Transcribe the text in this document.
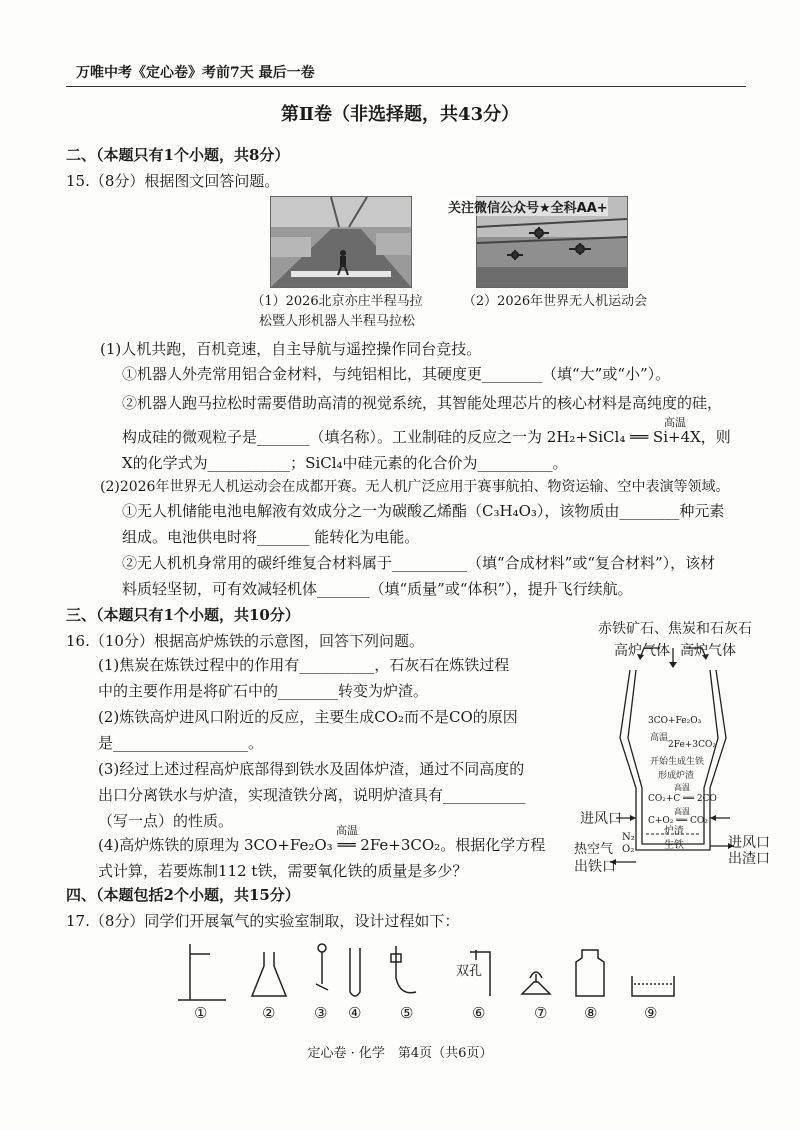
万唯中考《定心卷》考前7天 最后一卷
第Ⅱ卷（非选择题，共43分）
二、（本题只有1个小题，共8分）
15.（8分）根据图文回答问题。
（1）2026北京亦庄半程马拉
松暨人形机器人半程马拉松
关注微信公众号★全科AA+
（2）2026年世界无人机运动会
(1)人机共跑，百机竞速，自主导航与遥控操作同台竞技。
①机器人外壳常用铝合金材料，与纯铝相比，其硬度更________（填“大”或“小”）。
②机器人跑马拉松时需要借助高清的视觉系统，其智能处理芯片的核心材料是高纯度的硅，
高温
构成硅的微观粒子是_______（填名称）。工业制硅的反应之一为 2H₂+SiCl₄ ══ Si+4X，则
X的化学式为___________；SiCl₄中硅元素的化合价为__________。
(2)2026年世界无人机运动会在成都开赛。无人机广泛应用于赛事航拍、物资运输、空中表演等领域。
①无人机储能电池电解液有效成分之一为碳酸乙烯酯（C₃H₄O₃），该物质由________种元素
组成。电池供电时将_______ 能转化为电能。
②无人机机身常用的碳纤维复合材料属于__________（填“合成材料”或“复合材料”），该材
料质轻坚韧，可有效减轻机体_______（填“质量”或“体积”），提升飞行续航。
三、（本题只有1个小题，共10分）
16.（10分）根据高炉炼铁的示意图，回答下列问题。
(1)焦炭在炼铁过程中的作用有__________，石灰石在炼铁过程
中的主要作用是将矿石中的________转变为炉渣。
(2)炼铁高炉进风口附近的反应，主要生成CO₂而不是CO的原因
是__________________。
(3)经过上述过程高炉底部得到铁水及固体炉渣，通过不同高度的
出口分离铁水与炉渣，实现渣铁分离，说明炉渣具有___________
（写一点）的性质。
高温
(4)高炉炼铁的原理为 3CO+Fe₂O₃ ══ 2Fe+3CO₂。根据化学方程
式计算，若要炼制112 t铁，需要氧化铁的质量是多少？
赤铁矿石、焦炭和石灰石
高炉气体 高炉气体
3CO+Fe₂O₃
高温
2Fe+3CO₂
开始生成生铁
形成炉渣
高温
CO₂+C ══ 2CO
高温
C+O₂ ══ CO₂
进风口
进风口
热空气
N₂
O₂
炉渣
生铁
出渣口
出铁口
四、（本题包括2个小题，共15分）
17.（8分）同学们开展氧气的实验室制取，设计过程如下：
双孔
①	②	③ ④	⑤	⑥	⑦ ⑧	⑨
定心卷 · 化学　第4页（共6页）
